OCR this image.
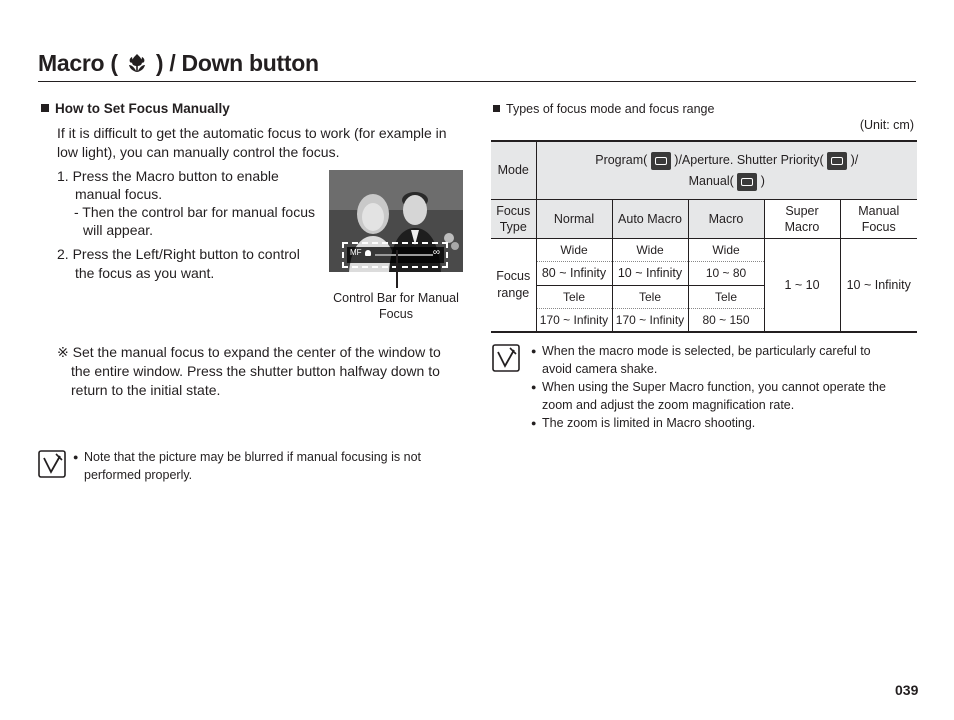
Macro ( ) / Down button
How to Set Focus Manually
If it is difficult to get the automatic focus to work (for example in
low light), you can manually control the focus.
1. Press the Macro button to enable
manual focus.
- Then the control bar for manual focus
will appear.
2. Press the Left/Right button to control
the focus as you want.
MF	∞
Control Bar for Manual
Focus
※ Set the manual focus to expand the center of the window to
the entire window. Press the shutter button halfway down to
return to the initial state.
● Note that the picture may be blurred if manual focusing is not
performed properly.
Types of focus mode and focus range
(Unit: cm)
Mode	Program( )/Aperture. Shutter Priority( )/
Manual( )				
Focus Type	Normal	Auto Macro	Macro	Super Macro	Manual Focus
Focus range	Wide	Wide	Wide	1 ~ 10	10 ~ Infinity
	80 ~ Infinity	10 ~ Infinity	10 ~ 80		
	Tele	Tele	Tele		
	170 ~ Infinity	170 ~ Infinity	80 ~ 150		
● When the macro mode is selected, be particularly careful to
avoid camera shake.
● When using the Super Macro function, you cannot operate the
zoom and adjust the zoom magnification rate.
● The zoom is limited in Macro shooting.
039
